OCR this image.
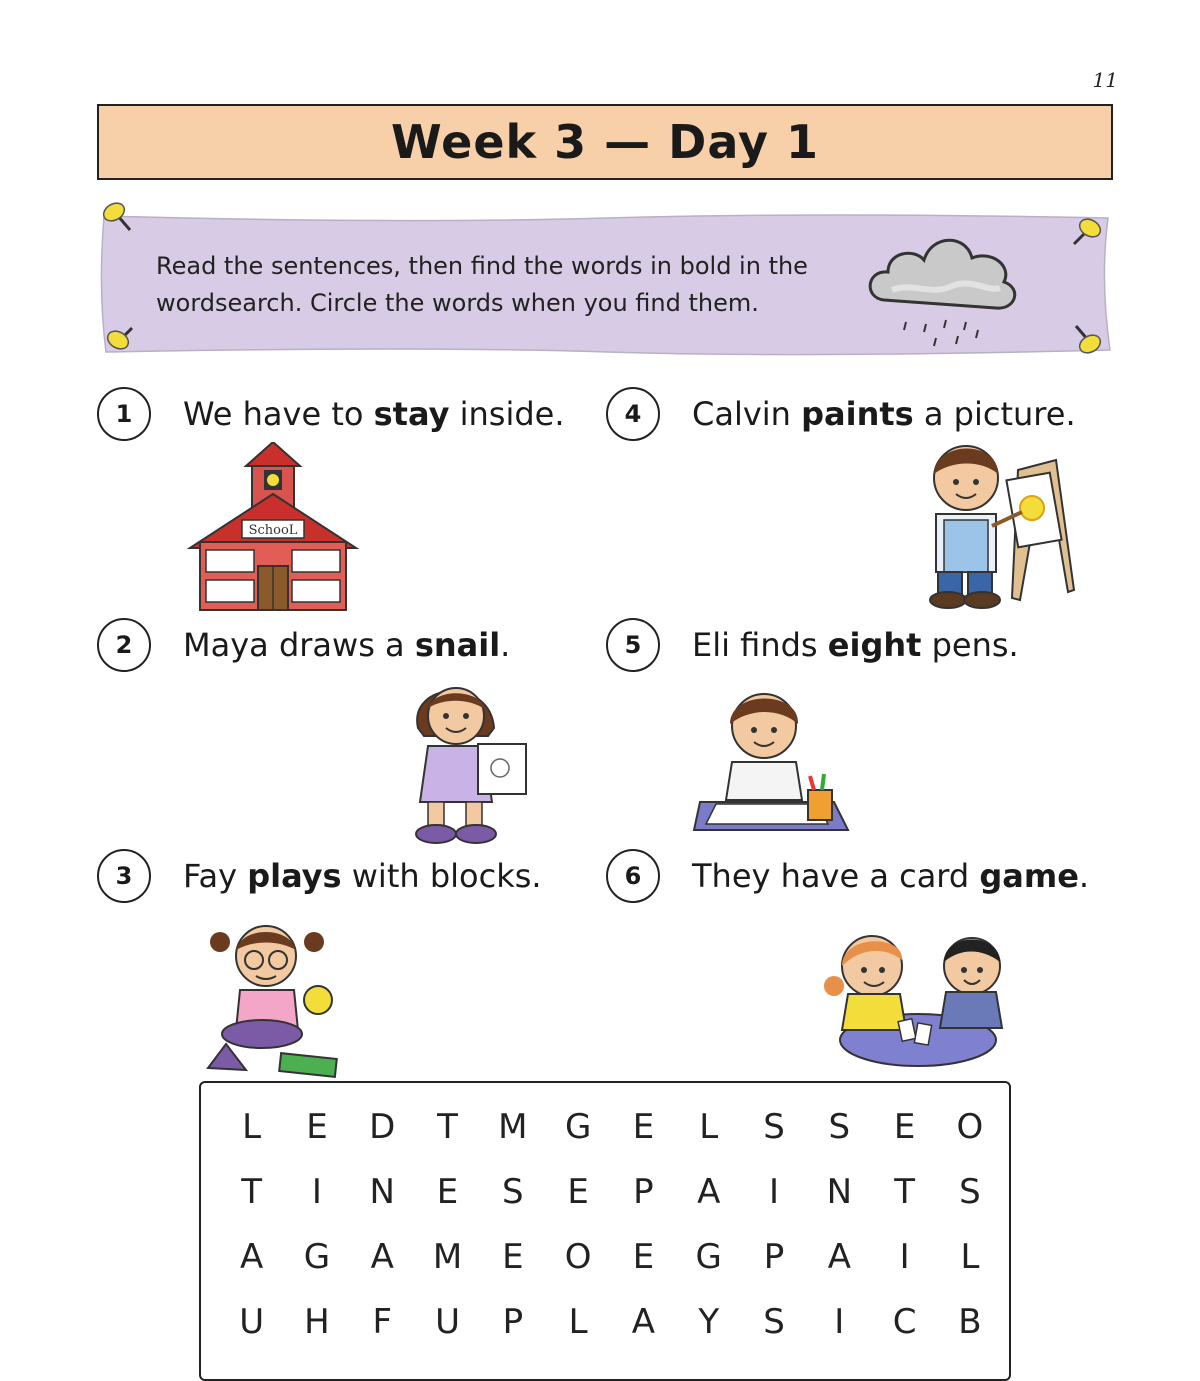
11
Week 3 — Day 1
Read the sentences, then find the words in bold in the
wordsearch. Circle the words when you find them.
1	We have to stay inside.
2	Maya draws a snail.
3	Fay plays with blocks.
4	Calvin paints a picture.
5	Eli finds eight pens.
6	They have a card game.
SchooL
L	E	D	T	M	G	E	L	S	S	E	O
T	I	N	E	S	E	P	A	I	N	T	S
A	G	A	M	E	O	E	G	P	A	I	L
U	H	F	U	P	L	A	Y	S	I	C	B
